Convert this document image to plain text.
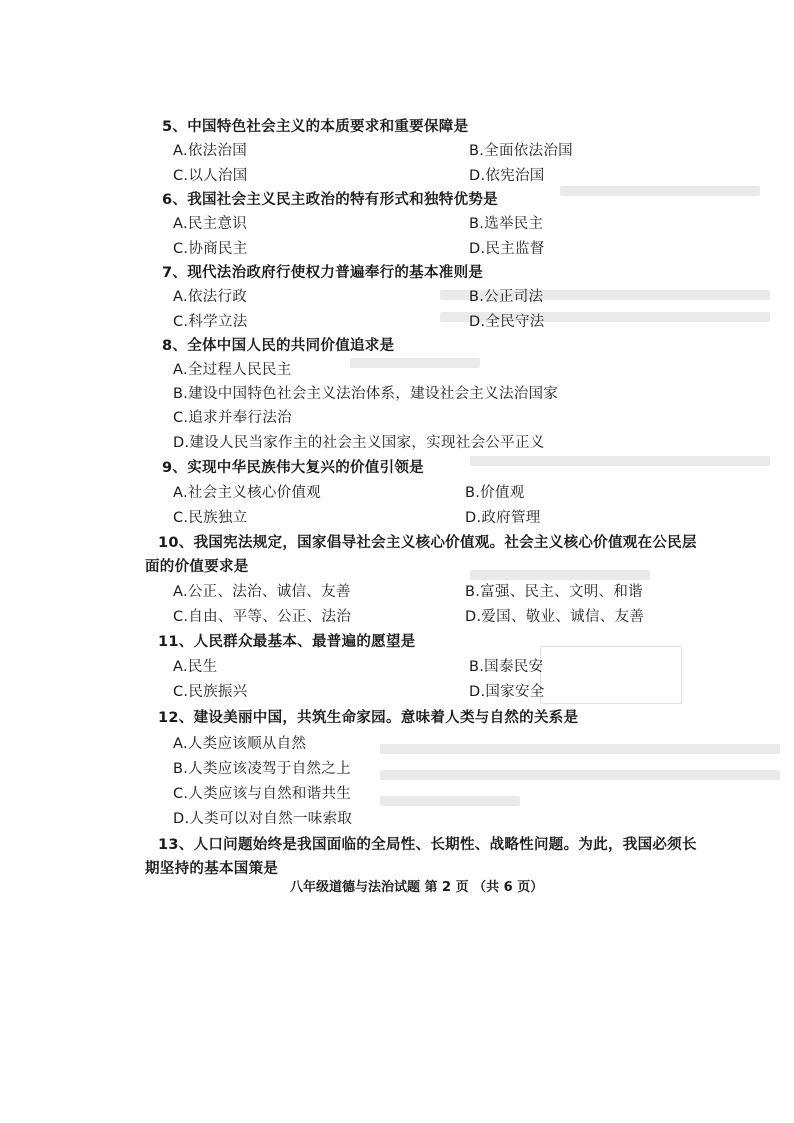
5、中国特色社会主义的本质要求和重要保障是
A.依法治国	B.全面依法治国
C.以人治国	D.依宪治国
6、我国社会主义民主政治的特有形式和独特优势是
A.民主意识	B.选举民主
C.协商民主	D.民主监督
7、现代法治政府行使权力普遍奉行的基本准则是
A.依法行政	B.公正司法
C.科学立法	D.全民守法
8、全体中国人民的共同价值追求是
A.全过程人民民主
B.建设中国特色社会主义法治体系，建设社会主义法治国家
C.追求并奉行法治
D.建设人民当家作主的社会主义国家，实现社会公平正义
9、实现中华民族伟大复兴的价值引领是
A.社会主义核心价值观	B.价值观
C.民族独立	D.政府管理
10、我国宪法规定，国家倡导社会主义核心价值观。社会主义核心价值观在公民层
面的价值要求是
A.公正、法治、诚信、友善	B.富强、民主、文明、和谐
C.自由、平等、公正、法治	D.爱国、敬业、诚信、友善
11、人民群众最基本、最普遍的愿望是
A.民生	B.国泰民安
C.民族振兴	D.国家安全
12、建设美丽中国，共筑生命家园。意味着人类与自然的关系是
A.人类应该顺从自然
B.人类应该凌驾于自然之上
C.人类应该与自然和谐共生
D.人类可以对自然一味索取
13、人口问题始终是我国面临的全局性、长期性、战略性问题。为此，我国必须长
期坚持的基本国策是
八年级道德与法治试题 第 2 页 （共 6 页）
